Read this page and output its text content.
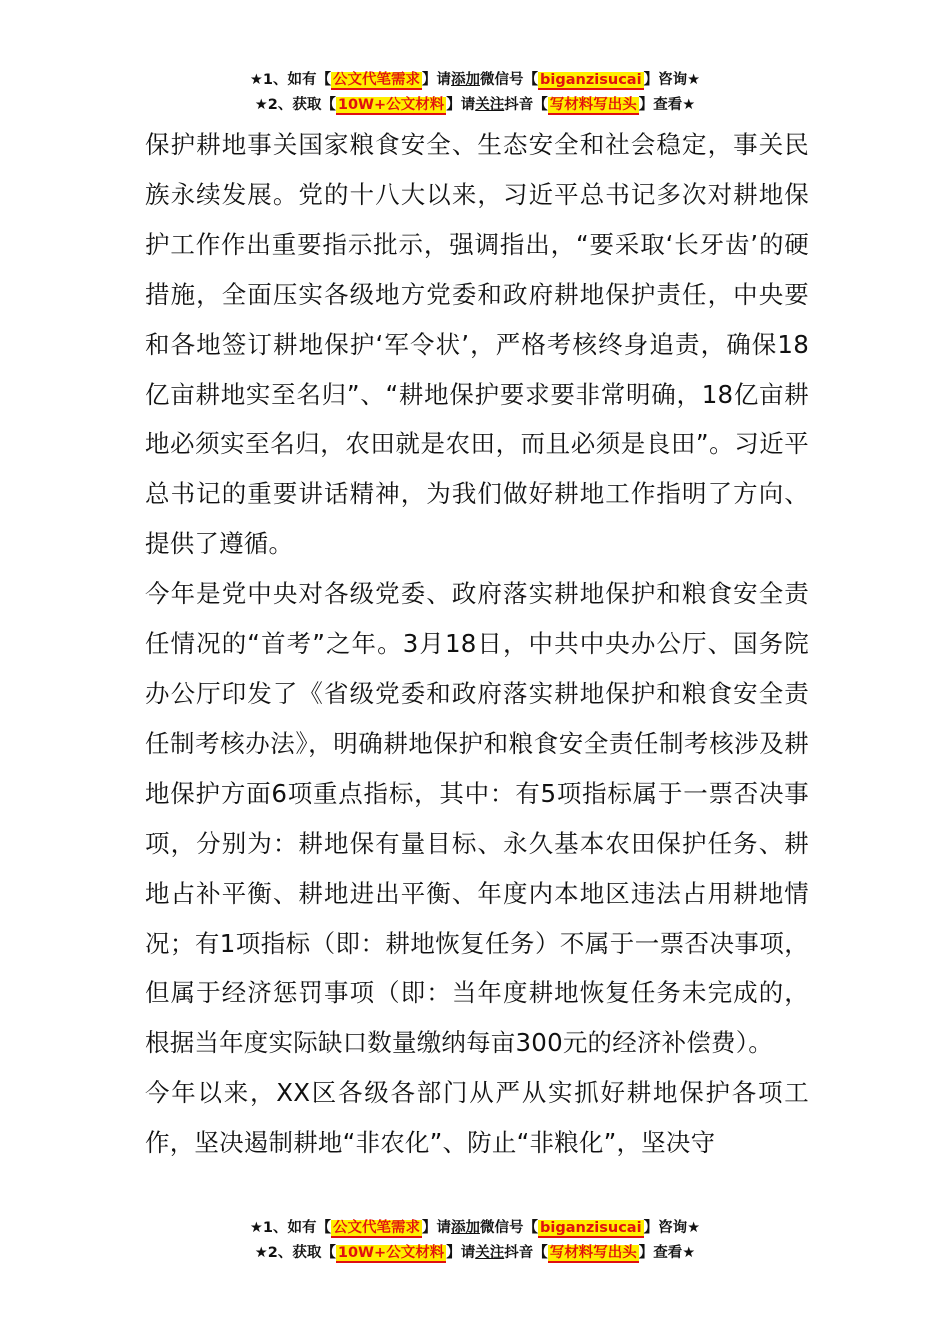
★1、如有【 公文代笔需求 】请添加微信号【 biganzisucai 】咨询★
★2、获取【 10W+公文材料 】请关注抖音【 写材料写出头 】查看★

保护耕地事关国家粮食安全、生态安全和社会稳定，事关民族永续发展。党的十八大以来，习近平总书记多次对耕地保护工作作出重要指示批示，强调指出，“要采取‘长牙齿’的硬措施，全面压实各级地方党委和政府耕地保护责任，中央要和各地签订耕地保护‘军令状’，严格考核终身追责，确保18亿亩耕地实至名归”、“耕地保护要求要非常明确，18亿亩耕地必须实至名归，农田就是农田，而且必须是良田”。习近平总书记的重要讲话精神，为我们做好耕地工作指明了方向、提供了遵循。

今年是党中央对各级党委、政府落实耕地保护和粮食安全责任情况的“首考”之年。3月18日，中共中央办公厅、国务院办公厅印发了《省级党委和政府落实耕地保护和粮食安全责任制考核办法》，明确耕地保护和粮食安全责任制考核涉及耕地保护方面6项重点指标，其中：有5项指标属于一票否决事项，分别为：耕地保有量目标、永久基本农田保护任务、耕地占补平衡、耕地进出平衡、年度内本地区违法占用耕地情况；有1项指标（即：耕地恢复任务）不属于一票否决事项，但属于经济惩罚事项（即：当年度耕地恢复任务未完成的，根据当年度实际缺口数量缴纳每亩300元的经济补偿费）。

今年以来，XX区各级各部门从严从实抓好耕地保护各项工作，坚决遏制耕地“非农化”、防止“非粮化”，坚决守

★1、如有【 公文代笔需求 】请添加微信号【 biganzisucai 】咨询★
★2、获取【 10W+公文材料 】请关注抖音【 写材料写出头 】查看★
